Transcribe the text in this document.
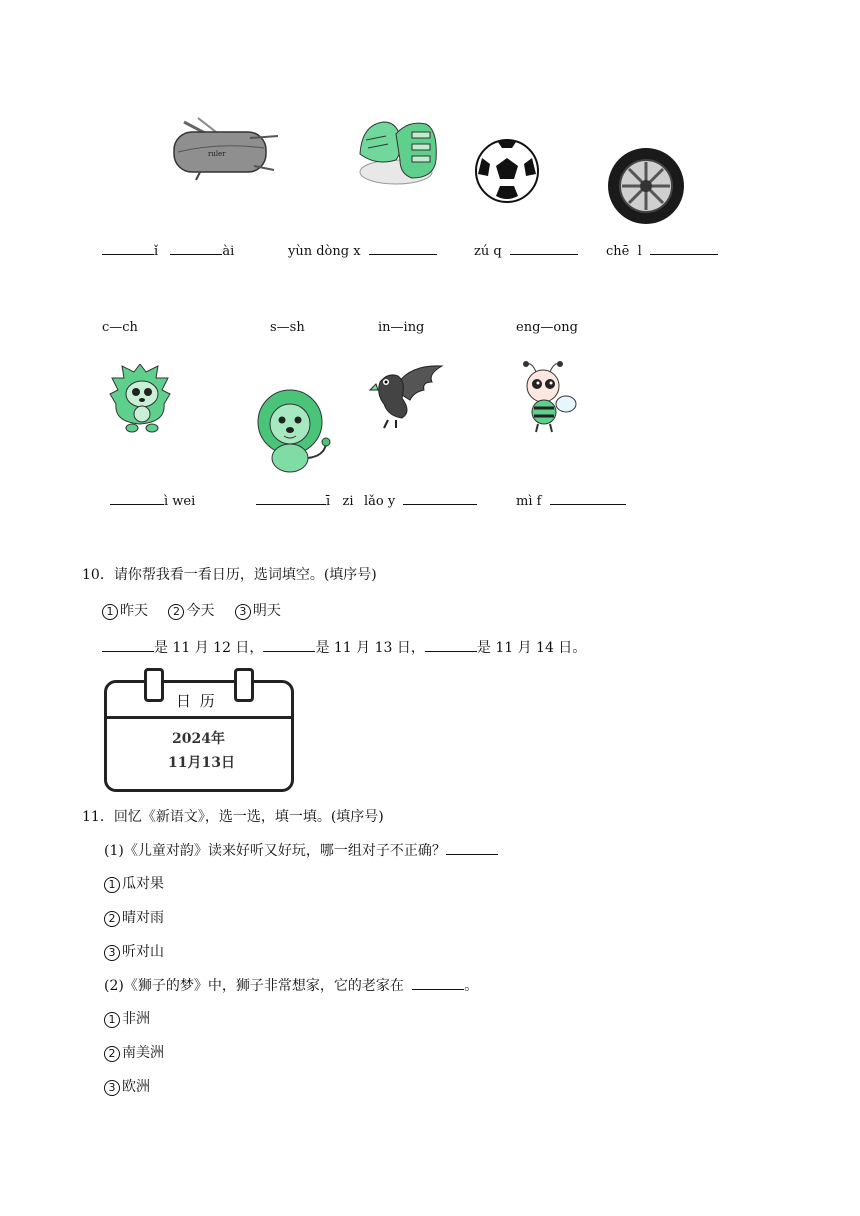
ruler
ǐ	ài	yùn dòng x	zú q	chē  l
c—ch	s—sh	in—ing	eng—ong
ì wei	ī   zi lǎo y	mì f
10．请你帮我看一看日历，选词填空。(填序号)
1 昨天 2 今天 3 明天
是 11 月 12 日，	是 11 月 13 日，	是 11 月 14 日。
日 历
2024年
11月13日
11．回忆《新语文》，选一选，填一填。(填序号)
(1)《儿童对韵》读来好听又好玩，哪一组对子不正确？
1 瓜对果
2 晴对雨
3 听对山
(2)《狮子的梦》中，狮子非常想家，它的老家在	。
1 非洲
2 南美洲
3 欧洲
